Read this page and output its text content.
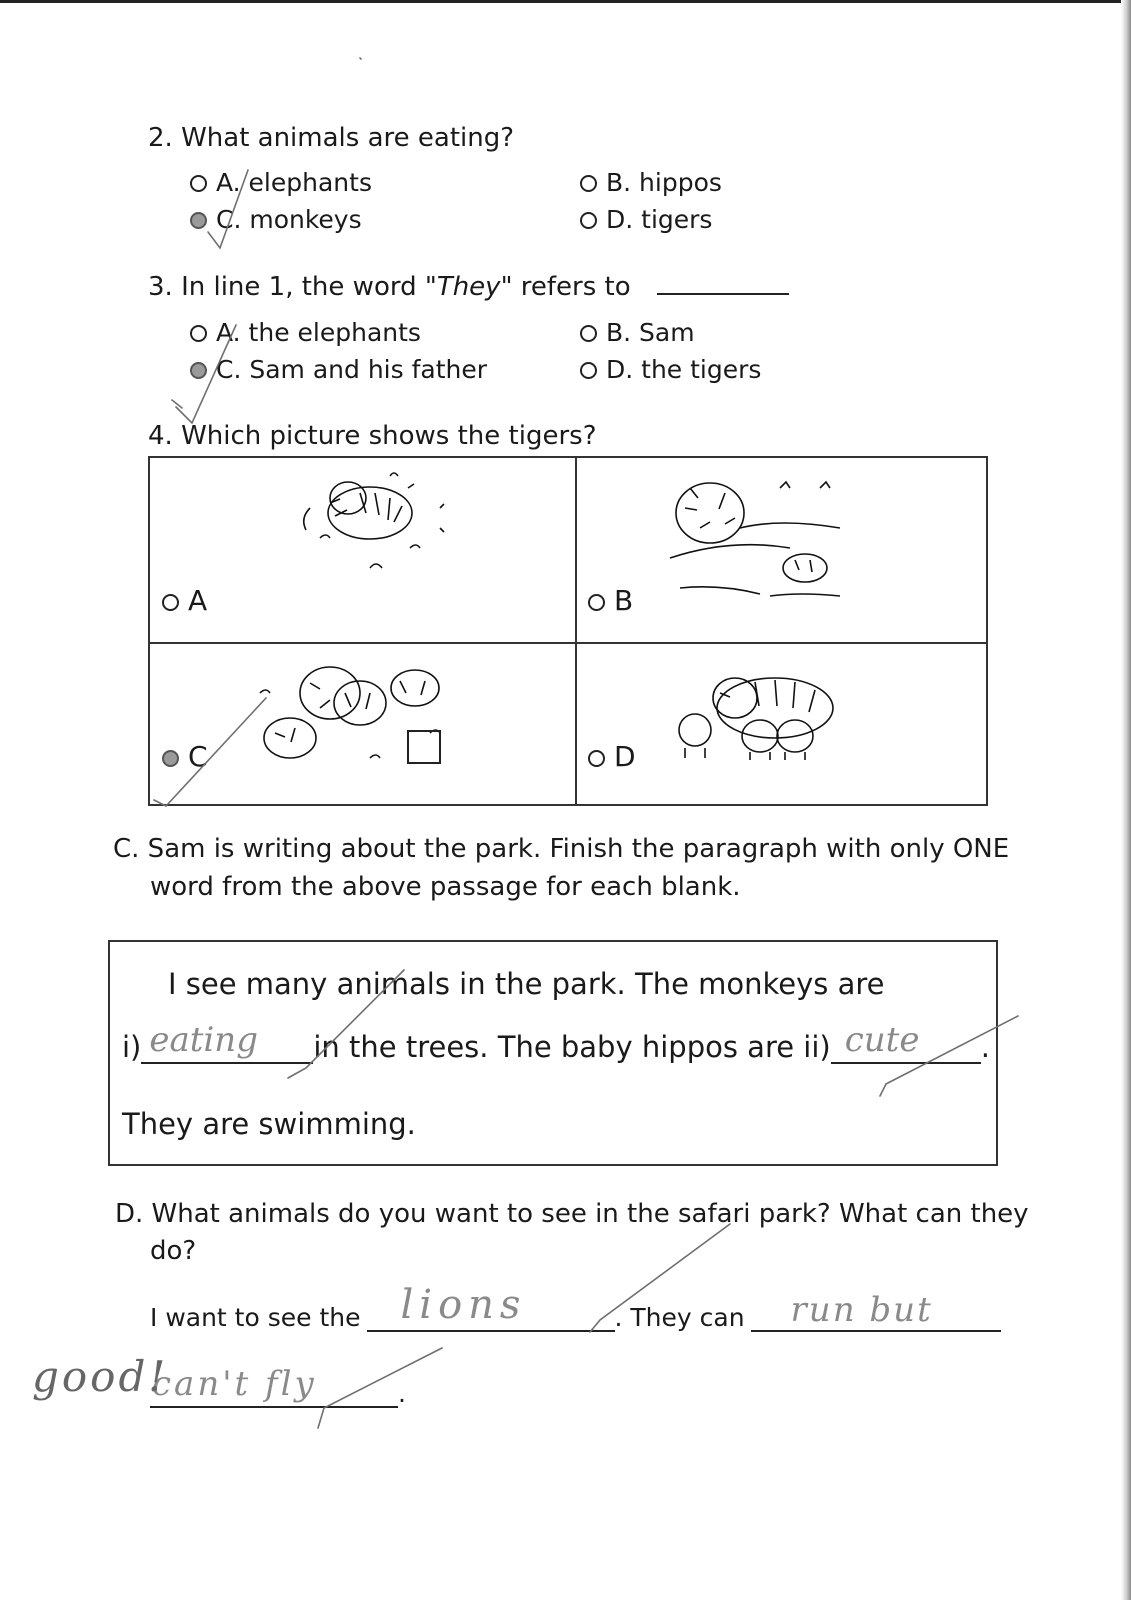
2. What animals are eating?
A. elephants	B. hippos
C. monkeys	D. tigers
3. In line 1, the word "They" refers to
A. the elephants	B. Sam
C. Sam and his father	D. the tigers
4. Which picture shows the tigers?
A	B
C	D
C. Sam is writing about the park. Finish the paragraph with only ONE
word from the above passage for each blank.
I see many animals in the park. The monkeys are
i) eating in the trees. The baby hippos are ii) cute .
They are swimming.
D. What animals do you want to see in the safari park? What can they
do?
I want to see the lions	. They can run but
can't fly	.
good!
